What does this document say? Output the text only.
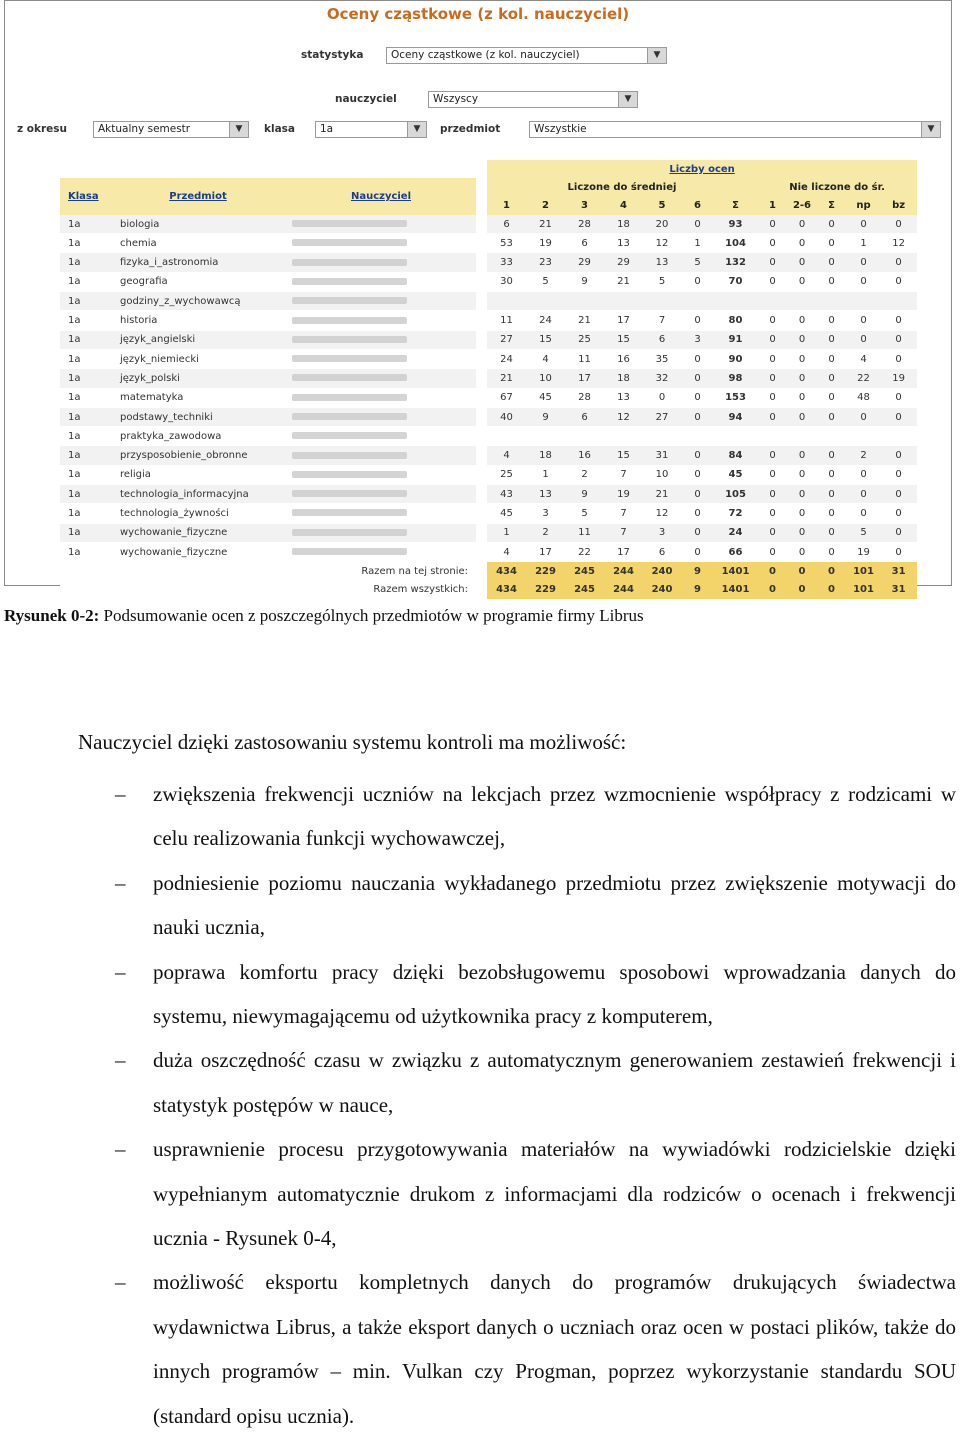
Oceny cząstkowe (z kol. nauczyciel)
statystyka	Oceny cząstkowe (z kol. nauczyciel)	▼
nauczyciel	Wszyscy	▼
z okresu	Aktualny semestr	▼	klasa	1a	▼	przedmiot	Wszystkie	▼
				Liczby ocen											
Klasa	Przedmiot	Nauczyciel		Liczone do średniej							Nie liczone do śr.				
				1	2	3	4	5	6	Σ	1	2-6	Σ	np	bz
1a	biologia			6	21	28	18	20	0	93	0	0	0	0	0
1a	chemia			53	19	6	13	12	1	104	0	0	0	1	12
1a	fizyka_i_astronomia			33	23	29	29	13	5	132	0	0	0	0	0
1a	geografia			30	5	9	21	5	0	70	0	0	0	0	0
1a	godziny_z_wychowawcą														
1a	historia			11	24	21	17	7	0	80	0	0	0	0	0
1a	język_angielski			27	15	25	15	6	3	91	0	0	0	0	0
1a	język_niemiecki			24	4	11	16	35	0	90	0	0	0	4	0
1a	język_polski			21	10	17	18	32	0	98	0	0	0	22	19
1a	matematyka			67	45	28	13	0	0	153	0	0	0	48	0
1a	podstawy_techniki			40	9	6	12	27	0	94	0	0	0	0	0
1a	praktyka_zawodowa														
1a	przysposobienie_obronne			4	18	16	15	31	0	84	0	0	0	2	0
1a	religia			25	1	2	7	10	0	45	0	0	0	0	0
1a	technologia_informacyjna			43	13	9	19	21	0	105	0	0	0	0	0
1a	technologia_żywności			45	3	5	7	12	0	72	0	0	0	0	0
1a	wychowanie_fizyczne			1	2	11	7	3	0	24	0	0	0	5	0
1a	wychowanie_fizyczne			4	17	22	17	6	0	66	0	0	0	19	0
Razem na tej stronie:				434	229	245	244	240	9	1401	0	0	0	101	31
Razem wszystkich:				434	229	245	244	240	9	1401	0	0	0	101	31
Rysunek 0-2: Podsumowanie ocen z poszczególnych przedmiotów w programie firmy Librus
Nauczyciel dzięki zastosowaniu systemu kontroli ma możliwość:
– zwiększenia frekwencji uczniów na lekcjach przez wzmocnienie współpracy z rodzicami w celu realizowania funkcji wychowawczej,
– podniesienie poziomu nauczania wykładanego przedmiotu przez zwiększenie motywacji do nauki ucznia,
– poprawa komfortu pracy dzięki bezobsługowemu sposobowi wprowadzania danych do systemu, niewymagającemu od użytkownika pracy z komputerem,
– duża oszczędność czasu w związku z automatycznym generowaniem zestawień frekwencji i statystyk postępów w nauce,
– usprawnienie procesu przygotowywania materiałów na wywiadówki rodzicielskie dzięki wypełnianym automatycznie drukom z informacjami dla rodziców o ocenach i frekwencji ucznia - Rysunek 0-4,
– możliwość eksportu kompletnych danych do programów drukujących świadectwa wydawnictwa Librus, a także eksport danych o uczniach oraz ocen w postaci plików, także do innych programów – min. Vulkan czy Progman, poprzez wykorzystanie standardu SOU (standard opisu ucznia).
